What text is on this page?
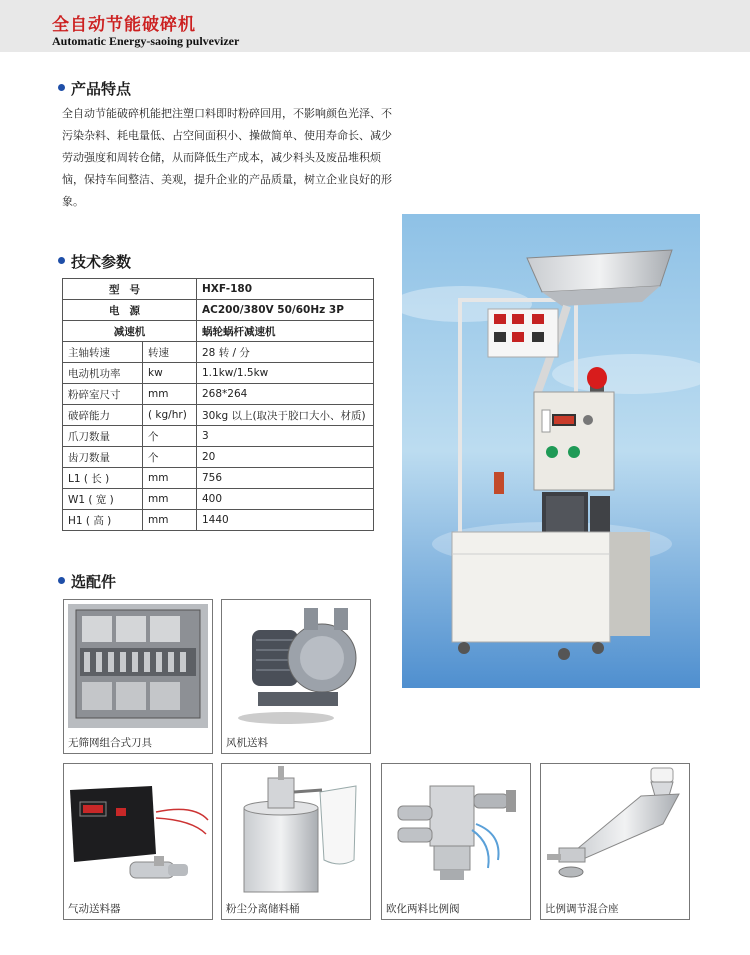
全自动节能破碎机
Automatic Energy-saoing pulvevizer
产品特点
全自动节能破碎机能把注塑口料即时粉碎回用，不影响颜色光泽、不污染杂料、耗电量低、占空间面积小、操做简单、使用寿命长、减少劳动强度和周转仓储，从而降低生产成本，减少料头及废品堆积烦恼，保持车间整洁、美观，提升企业的产品质量，树立企业良好的形象。
技术参数
型号		HXF-180
电源		AC200/380V 50/60Hz 3P
减速机		蜗轮蜗杆减速机
主轴转速	转速	28 转 / 分
电动机功率	kw	1.1kw/1.5kw
粉碎室尺寸	mm	268*264
破碎能力	( kg/hr)	30kg 以上(取决于胶口大小、材质)
爪刀数量	个	3
齿刀数量	个	20
L1 ( 长 )	mm	756
W1 ( 宽 )	mm	400
H1 ( 高 )	mm	1440
选配件
无筛网组合式刀具	风机送料
气动送料器	粉尘分离储料桶	欧化两料比例阀	比例调节混合座
